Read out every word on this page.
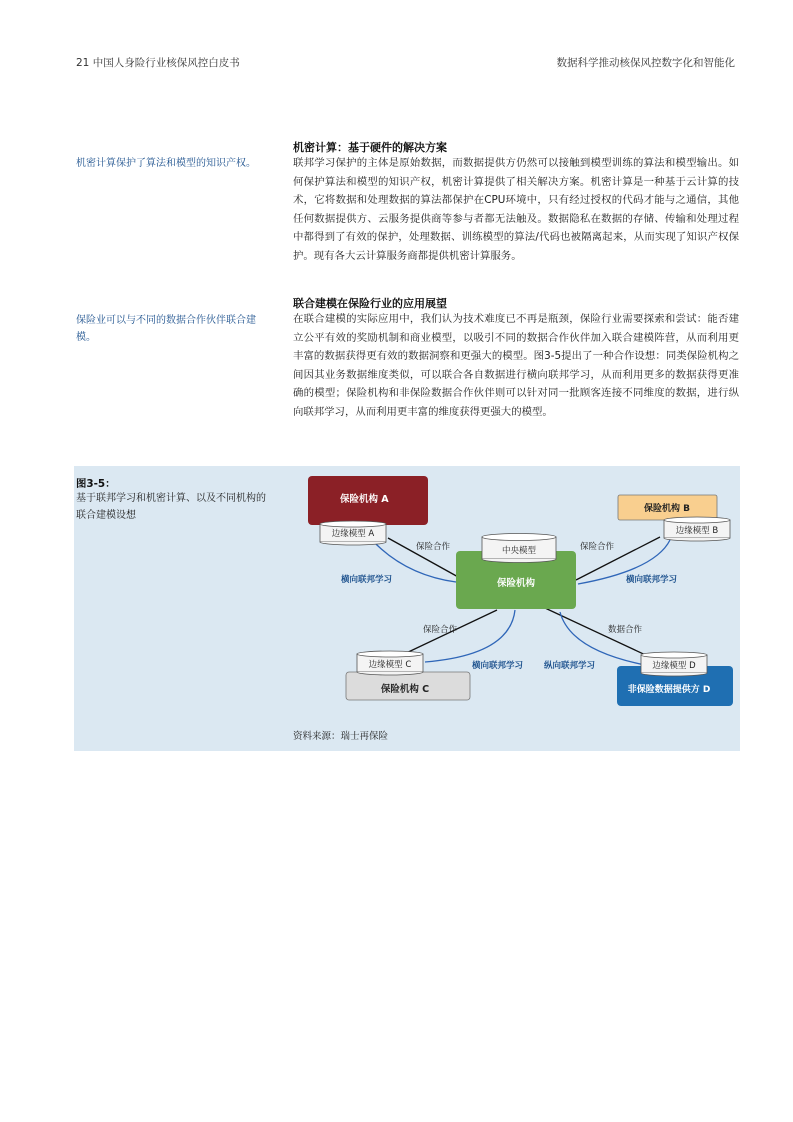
21 中国人身险行业核保风控白皮书	数据科学推动核保风控数字化和智能化
机密计算保护了算法和模型的知识产权。
机密计算：基于硬件的解决方案
联邦学习保护的主体是原始数据，而数据提供方仍然可以接触到模型训练的算法和模型输出。如何保护算法和模型的知识产权，机密计算提供了相关解决方案。机密计算是一种基于云计算的技术，它将数据和处理数据的算法都保护在CPU环境中，只有经过授权的代码才能与之通信，其他任何数据提供方、云服务提供商等参与者都无法触及。数据隐私在数据的存储、传输和处理过程中都得到了有效的保护，处理数据、训练模型的算法/代码也被隔离起来，从而实现了知识产权保护。现有各大云计算服务商都提供机密计算服务。
保险业可以与不同的数据合作伙伴联合建模。
联合建模在保险行业的应用展望
在联合建模的实际应用中，我们认为技术难度已不再是瓶颈，保险行业需要探索和尝试：能否建立公平有效的奖励机制和商业模型，以吸引不同的数据合作伙伴加入联合建模阵营，从而利用更丰富的数据获得更有效的数据洞察和更强大的模型。图3-5提出了一种合作设想：同类保险机构之间因其业务数据维度类似，可以联合各自数据进行横向联邦学习，从而利用更多的数据获得更准确的模型；保险机构和非保险数据合作伙伴则可以针对同一批顾客连接不同维度的数据，进行纵向联邦学习，从而利用更丰富的维度获得更强大的模型。
图3-5：
基于联邦学习和机密计算、以及不同机构的联合建模设想
保险机构 A
边缘模型 A
保险机构 B
边缘模型 B
保险机构
中央模型
保险机构 C
边缘模型 C
非保险数据提供方 D
边缘模型 D
保险合作
横向联邦学习
保险合作
横向联邦学习
保险合作
横向联邦学习
数据合作
纵向联邦学习
资料来源：瑞士再保险
